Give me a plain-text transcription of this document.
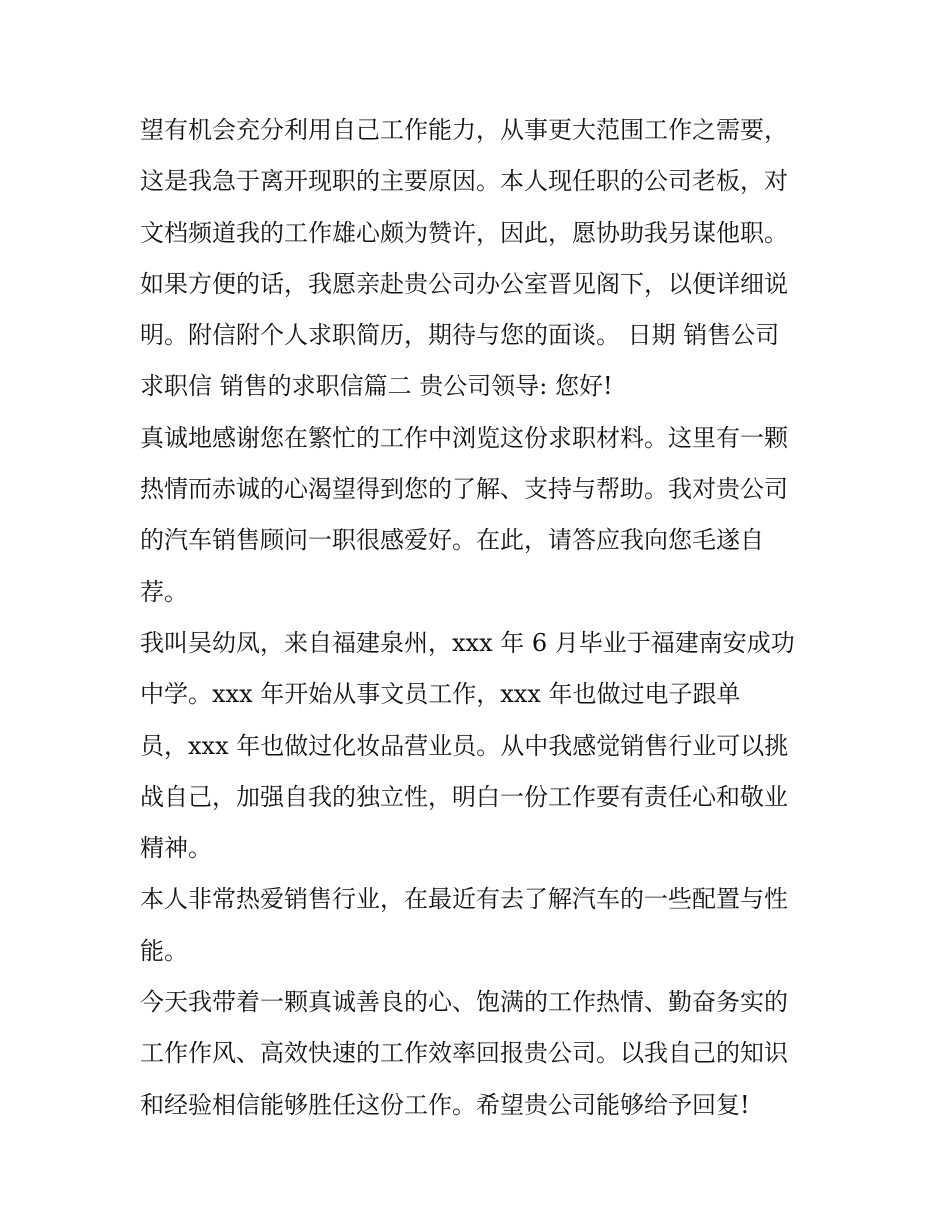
望有机会充分利用自己工作能力，从事更大范围工作之需要，
这是我急于离开现职的主要原因。本人现任职的公司老板，对
文档频道我的工作雄心颇为赞许，因此，愿协助我另谋他职。
如果方便的话，我愿亲赴贵公司办公室晋见阁下，以便详细说
明。附信附个人求职简历，期待与您的面谈。 日期 销售公司
求职信 销售的求职信篇二 贵公司领导: 您好!
真诚地感谢您在繁忙的工作中浏览这份求职材料。这里有一颗
热情而赤诚的心渴望得到您的了解、支持与帮助。我对贵公司
的汽车销售顾问一职很感爱好。在此，请答应我向您毛遂自
荐。
我叫吴幼凤，来自福建泉州，xxx 年 6 月毕业于福建南安成功
中学。xxx 年开始从事文员工作，xxx 年也做过电子跟单
员，xxx 年也做过化妆品营业员。从中我感觉销售行业可以挑
战自己，加强自我的独立性，明白一份工作要有责任心和敬业
精神。
本人非常热爱销售行业，在最近有去了解汽车的一些配置与性
能。
今天我带着一颗真诚善良的心、饱满的工作热情、勤奋务实的
工作作风、高效快速的工作效率回报贵公司。以我自己的知识
和经验相信能够胜任这份工作。希望贵公司能够给予回复!
